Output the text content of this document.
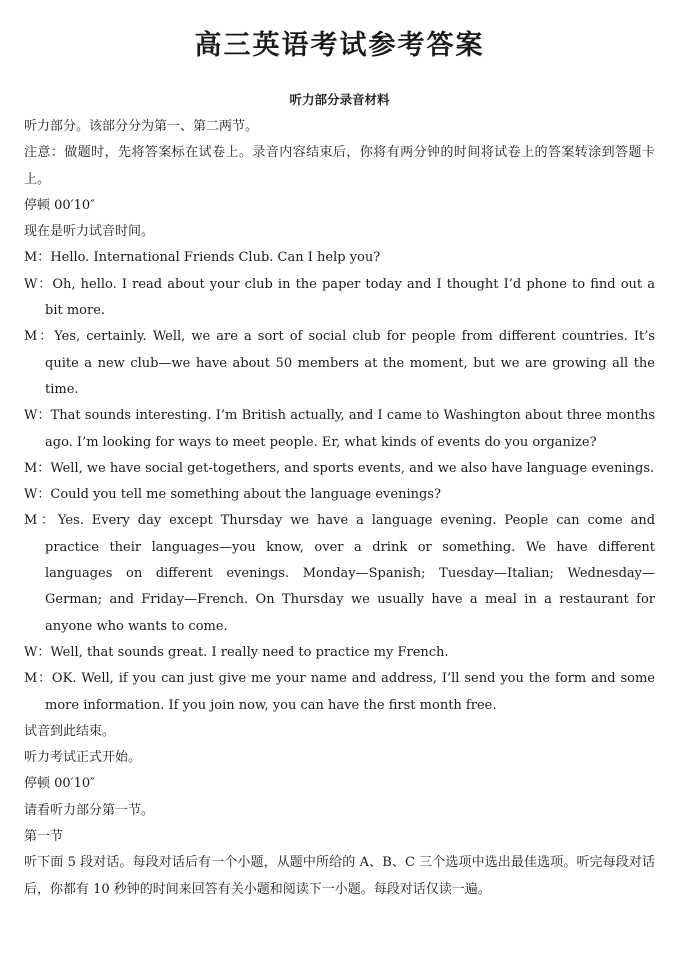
高三英语考试参考答案
听力部分录音材料

听力部分。该部分分为第一、第二两节。

注意：做题时，先将答案标在试卷上。录音内容结束后，你将有两分钟的时间将试卷上的答案转涂到答题卡上。

停顿 00′10″

现在是听力试音时间。

M：Hello. International Friends Club. Can I help you?

W：Oh, hello. I read about your club in the paper today and I thought I’d phone to find out a bit more.

M：Yes, certainly. Well, we are a sort of social club for people from different countries. It’s quite a new club—we have about 50 members at the moment, but we are growing all the time.

W：That sounds interesting. I’m British actually, and I came to Washington about three months ago. I’m looking for ways to meet people. Er, what kinds of events do you organize?

M：Well, we have social get-togethers, and sports events, and we also have language evenings.

W：Could you tell me something about the language evenings?

M：Yes. Every day except Thursday we have a language evening. People can come and practice their languages—you know, over a drink or something. We have different languages on different evenings. Monday—Spanish; Tuesday—Italian; Wednesday—German; and Friday—French. On Thursday we usually have a meal in a restaurant for anyone who wants to come.

W：Well, that sounds great. I really need to practice my French.

M：OK. Well, if you can just give me your name and address, I’ll send you the form and some more information. If you join now, you can have the first month free.

试音到此结束。

听力考试正式开始。

停顿 00′10″

请看听力部分第一节。

第一节

听下面 5 段对话。每段对话后有一个小题，从题中所给的 A、B、C 三个选项中选出最佳选项。听完每段对话后，你都有 10 秒钟的时间来回答有关小题和阅读下一小题。每段对话仅读一遍。
